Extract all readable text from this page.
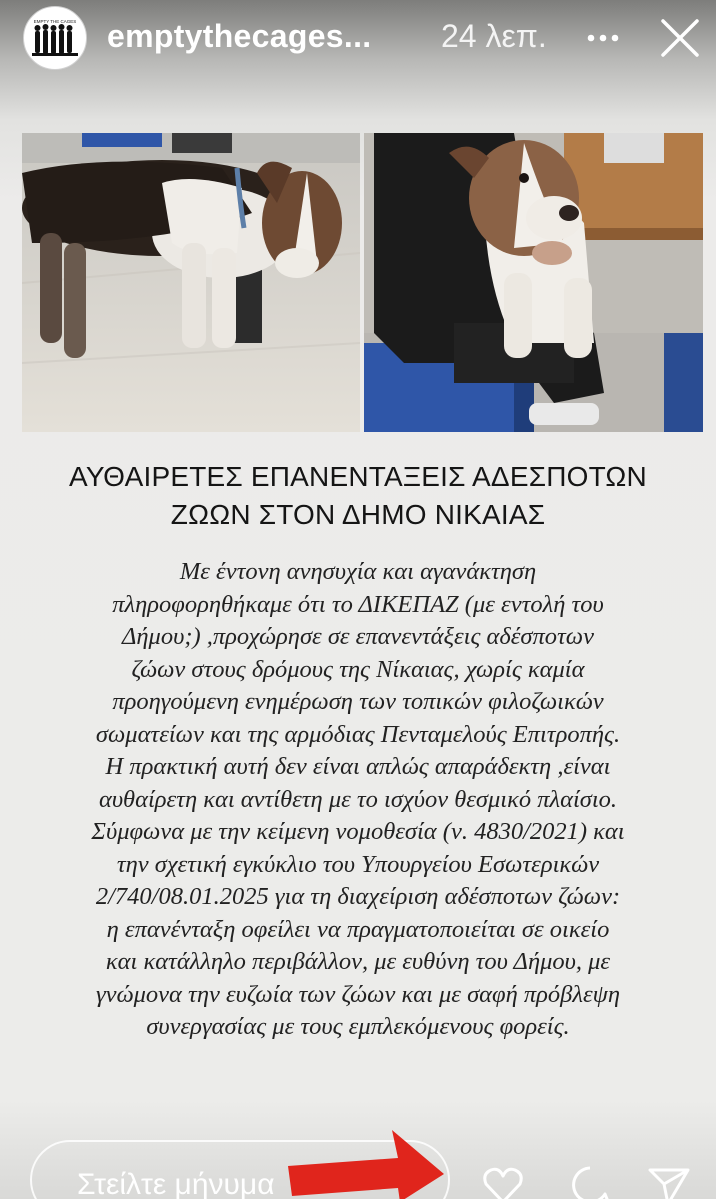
EMPTY THE CAGES emptythecages... 24 λεπ.
ΑΥΘΑΙΡΕΤΕΣ ΕΠΑΝΕΝΤΑΞΕΙΣ ΑΔΕΣΠΟΤΩΝ
ΖΩΩΝ ΣΤΟΝ ΔΗΜΟ ΝΙΚΑΙΑΣ
Με έντονη ανησυχία και αγανάκτηση
πληροφορηθήκαμε ότι το ΔΙΚΕΠΑΖ (με εντολή του
Δήμου;) ,προχώρησε σε επανεντάξεις αδέσποτων
ζώων στους δρόμους της Νίκαιας, χωρίς καμία
προηγούμενη ενημέρωση των τοπικών φιλοζωικών
σωματείων και της αρμόδιας Πενταμελούς Επιτροπής.
Η πρακτική αυτή δεν είναι απλώς απαράδεκτη ,είναι
αυθαίρετη και αντίθετη με το ισχύον θεσμικό πλαίσιο.
Σύμφωνα με την κείμενη νομοθεσία (ν. 4830/2021) και
την σχετική εγκύκλιο του Υπουργείου Εσωτερικών
2/740/08.01.2025 για τη διαχείριση αδέσποτων ζώων:
η επανένταξη οφείλει να πραγματοποιείται σε οικείο
και κατάλληλο περιβάλλον, με ευθύνη του Δήμου, με
γνώμονα την ευζωία των ζώων και με σαφή πρόβλεψη
συνεργασίας με τους εμπλεκόμενους φορείς.
Στείλτε μήνυμα
